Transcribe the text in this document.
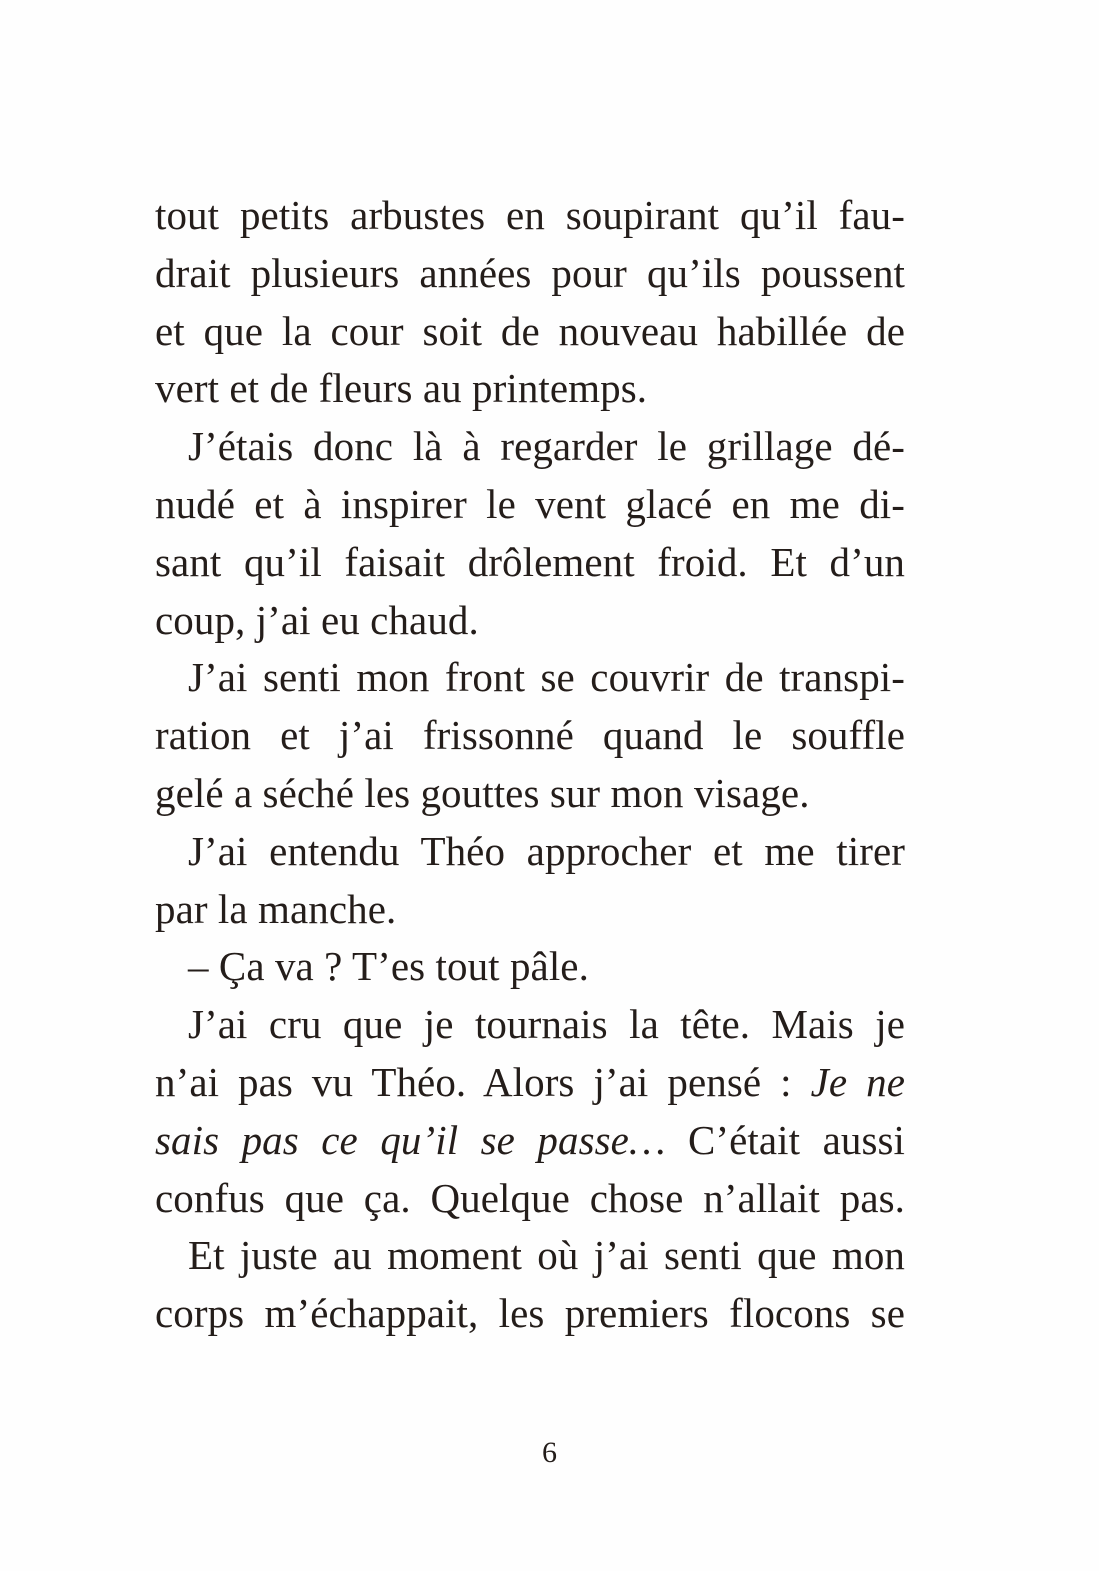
tout petits arbustes en soupirant qu’il fau-
drait plusieurs années pour qu’ils poussent
et que la cour soit de nouveau habillée de
vert et de fleurs au printemps.
J’étais donc là à regarder le grillage dé-
nudé et à inspirer le vent glacé en me di-
sant qu’il faisait drôlement froid. Et d’un
coup, j’ai eu chaud.
J’ai senti mon front se couvrir de transpi-
ration et j’ai frissonné quand le souffle
gelé a séché les gouttes sur mon visage.
J’ai entendu Théo approcher et me tirer
par la manche.
– Ça va ? T’es tout pâle.
J’ai cru que je tournais la tête. Mais je
n’ai pas vu Théo. Alors j’ai pensé : Je ne
sais pas ce qu’il se passe… C’était aussi
confus que ça. Quelque chose n’allait pas.
Et juste au moment où j’ai senti que mon
corps m’échappait, les premiers flocons se
6
